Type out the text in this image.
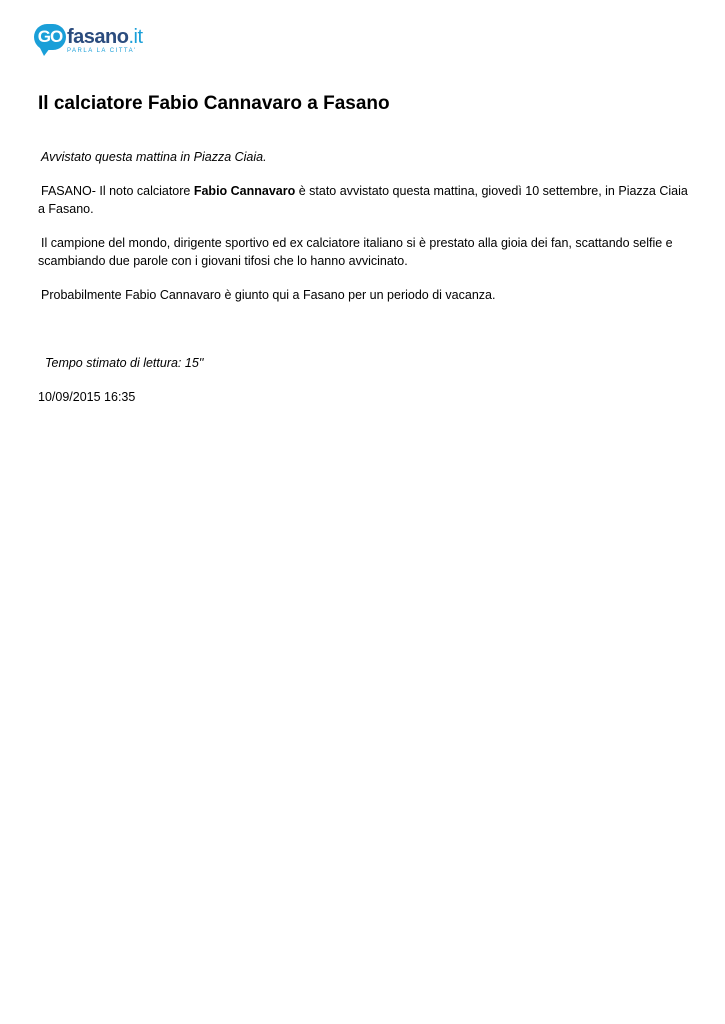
GO fasano.it
PARLA LA CITTA'
Il calciatore Fabio Cannavaro a Fasano

Avvistato questa mattina in Piazza Ciaia.

FASANO- Il noto calciatore Fabio Cannavaro è stato avvistato questa mattina, giovedì 10 settembre, in Piazza Ciaia a Fasano.

Il campione del mondo, dirigente sportivo ed ex calciatore italiano si è prestato alla gioia dei fan, scattando selfie e scambiando due parole con i giovani tifosi che lo hanno avvicinato.

Probabilmente Fabio Cannavaro è giunto qui a Fasano per un periodo di vacanza.

Tempo stimato di lettura: 15''

10/09/2015 16:35
